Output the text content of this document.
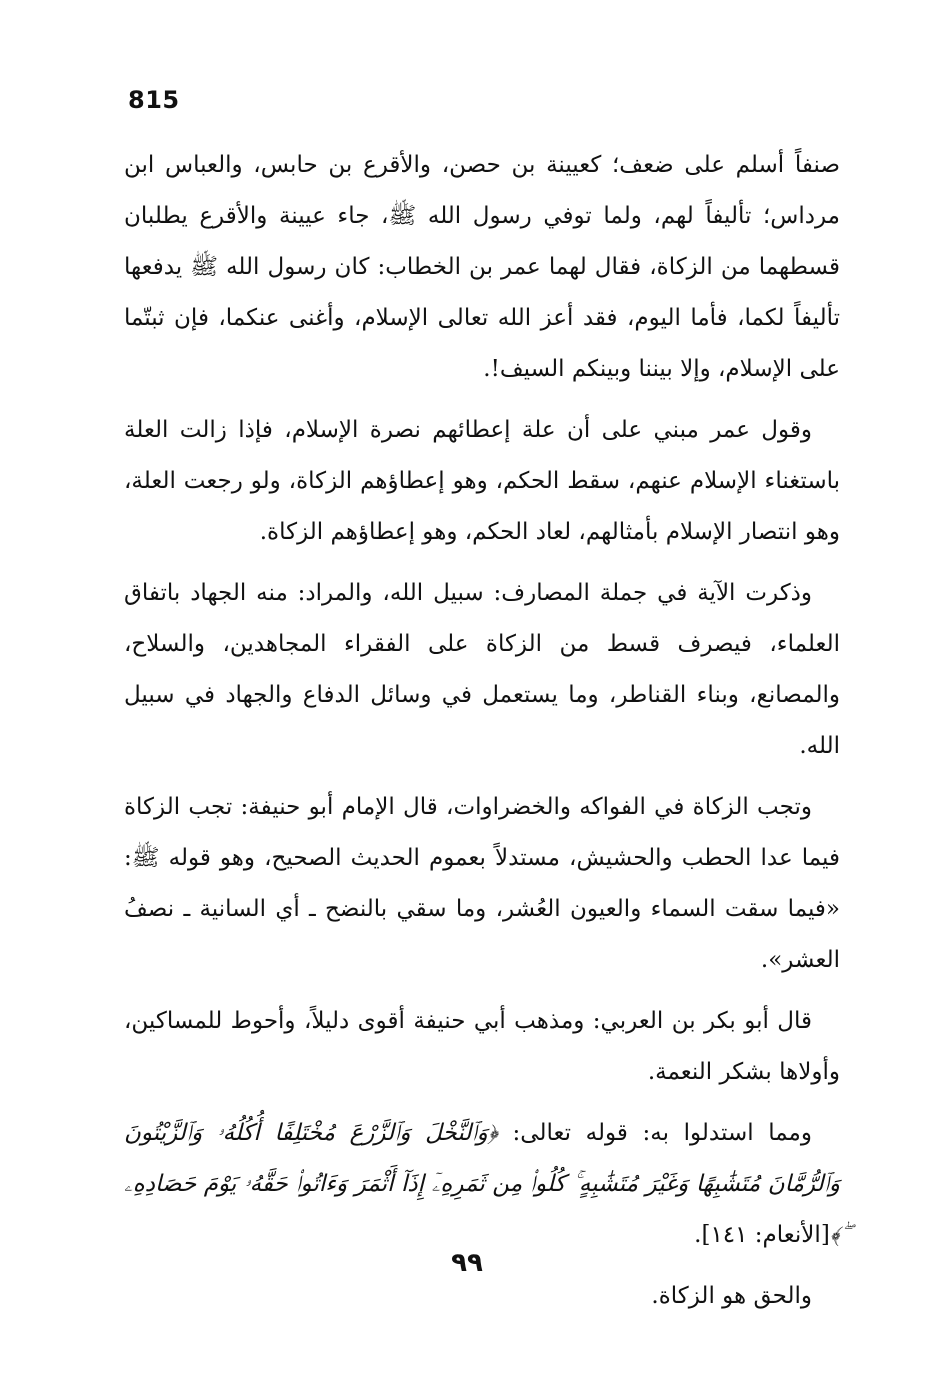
815

صنفاً أسلم على ضعف؛ كعيينة بن حصن، والأقرع بن حابس، والعباس ابن مرداس؛ تأليفاً لهم، ولما توفي رسول الله ﷺ، جاء عيينة والأقرع يطلبان قسطهما من الزكاة، فقال لهما عمر بن الخطاب: كان رسول الله ﷺ يدفعها تأليفاً لكما، فأما اليوم، فقد أعز الله تعالى الإسلام، وأغنى عنكما، فإن ثبتّما على الإسلام، وإلا بيننا وبينكم السيف!.

وقول عمر مبني على أن علة إعطائهم نصرة الإسلام، فإذا زالت العلة باستغناء الإسلام عنهم، سقط الحكم، وهو إعطاؤهم الزكاة، ولو رجعت العلة، وهو انتصار الإسلام بأمثالهم، لعاد الحكم، وهو إعطاؤهم الزكاة.

وذكرت الآية في جملة المصارف: سبيل الله، والمراد: منه الجهاد باتفاق العلماء، فيصرف قسط من الزكاة على الفقراء المجاهدين، والسلاح، والمصانع، وبناء القناطر، وما يستعمل في وسائل الدفاع والجهاد في سبيل الله.

وتجب الزكاة في الفواكه والخضراوات، قال الإمام أبو حنيفة: تجب الزكاة فيما عدا الحطب والحشيش، مستدلاً بعموم الحديث الصحيح، وهو قوله ﷺ: «فيما سقت السماء والعيون العُشر، وما سقي بالنضح ـ أي السانية ـ نصفُ العشر».

قال أبو بكر بن العربي: ومذهب أبي حنيفة أقوى دليلاً، وأحوط للمساكين، وأولاها بشكر النعمة.

ومما استدلوا به: قوله تعالى: ﴿وَٱلنَّخْلَ وَٱلزَّرْعَ مُخْتَلِفًا أُكُلُهُۥ وَٱلزَّيْتُونَ وَٱلرُّمَّانَ مُتَشَٰبِهًا وَغَيْرَ مُتَشَٰبِهٍ ۚ كُلُوا۟ مِن ثَمَرِهِۦٓ إِذَآ أَثْمَرَ وَءَاتُوا۟ حَقَّهُۥ يَوْمَ حَصَادِهِۦ ۖ﴾[الأنعام: ١٤١].

والحق هو الزكاة.

٩٩
